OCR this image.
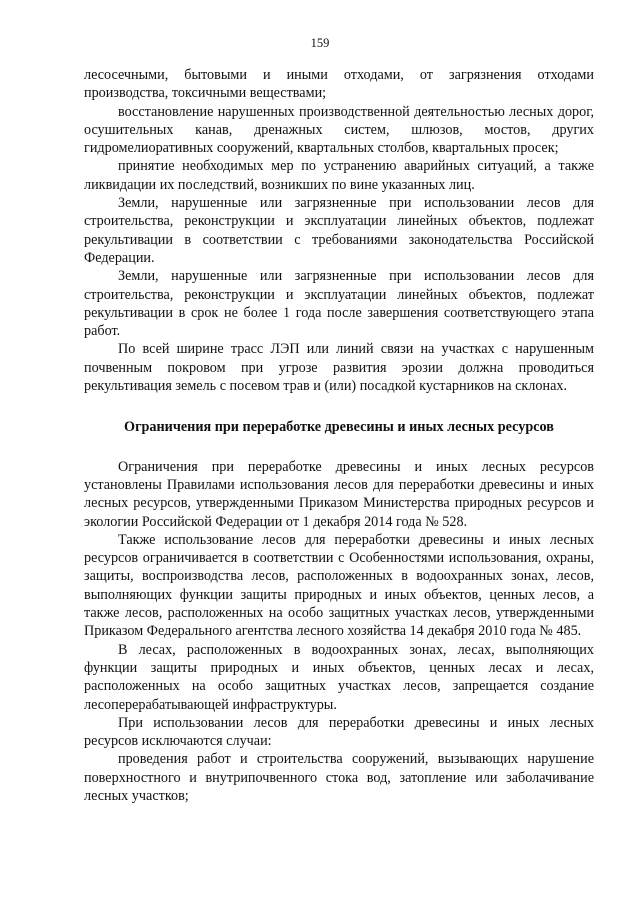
159

лесосечными, бытовыми и иными отходами, от загрязнения отходами производства, токсичными веществами;

восстановление нарушенных производственной деятельностью лесных дорог, осушительных канав, дренажных систем, шлюзов, мостов, других гидромелиоративных сооружений, квартальных столбов, квартальных просек;

принятие необходимых мер по устранению аварийных ситуаций, а также ликвидации их последствий, возникших по вине указанных лиц.

Земли, нарушенные или загрязненные при использовании лесов для строительства, реконструкции и эксплуатации линейных объектов, подлежат рекультивации в соответствии с требованиями законодательства Российской Федерации.

Земли, нарушенные или загрязненные при использовании лесов для строительства, реконструкции и эксплуатации линейных объектов, подлежат рекультивации в срок не более 1 года после завершения соответствующего этапа работ.

По всей ширине трасс ЛЭП или линий связи на участках с нарушенным почвенным покровом при угрозе развития эрозии должна проводиться рекультивация земель с посевом трав и (или) посадкой кустарников на склонах.

Ограничения при переработке древесины и иных лесных ресурсов

Ограничения при переработке древесины и иных лесных ресурсов установлены Правилами использования лесов для переработки древесины и иных лесных ресурсов, утвержденными Приказом Министерства природных ресурсов и экологии Российской Федерации от 1 декабря 2014 года № 528.

Также использование лесов для переработки древесины и иных лесных ресурсов ограничивается в соответствии с Особенностями использования, охраны, защиты, воспроизводства лесов, расположенных в водоохранных зонах, лесов, выполняющих функции защиты природных и иных объектов, ценных лесов, а также лесов, расположенных на особо защитных участках лесов, утвержденными Приказом Федерального агентства лесного хозяйства 14 декабря 2010 года № 485.

В лесах, расположенных в водоохранных зонах, лесах, выполняющих функции защиты природных и иных объектов, ценных лесах и лесах, расположенных на особо защитных участках лесов, запрещается создание лесоперерабатывающей инфраструктуры.

При использовании лесов для переработки древесины и иных лесных ресурсов исключаются случаи:

проведения работ и строительства сооружений, вызывающих нарушение поверхностного и внутрипочвенного стока вод, затопление или заболачивание лесных участков;
